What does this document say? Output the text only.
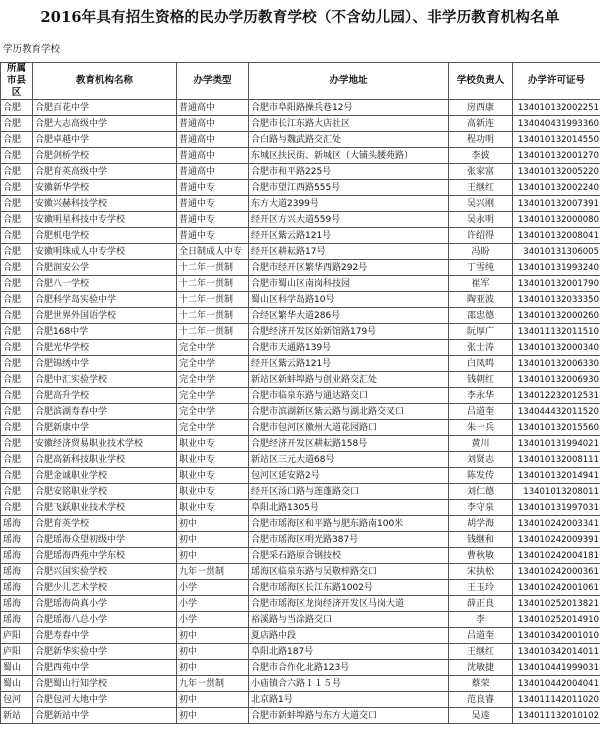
2016年具有招生资格的民办学历教育学校（不含幼儿园）、非学历教育机构名单
学历教育学校
所属市县区	教育机构名称	办学类型	办学地址	学校负责人	办学许可证号
合肥	合肥百花中学	普通高中	合肥市阜阳路操兵巷12号	房西康	134010132002251
合肥	合肥大志高级中学	普通高中	合肥市长江东路大店社区	高新连	134040431993360
合肥	合肥卓越中学	普通高中	合白路与魏武路交汇处	程功明	134010132014550
合肥	合肥剑桥学校	普通高中	东城区扶民街、新城区（大铺头腰苑路）	李彼	134010132001270
合肥	合肥育英高级中学	普通高中	合肥市和平路225号	张家富	134010132005220
合肥	安徽新华学校	普通中专	合肥市望江西路555号	王继红	134010132002240
合肥	安徽兴赫科技学校	普通中专	东方大道2399号	吴兴刚	134010132007391
合肥	安徽明星科技中专学校	普通中专	经开区方兴大道559号	吴永明	134010132000080
合肥	合肥机电学校	普通中专	经开区紫云路121号	许绍得	134010132008041
合肥	安徽明珠成人中专学校	全日制成人中专	经开区耕耘路17号	冯盼	34010131306005
合肥	合肥润安公学	十二年一贯制	合肥市经开区繁华西路292号	丁雪纯	134010131993240
合肥	合肥八一学校	十二年一贯制	合肥市蜀山区南岗科技园	崔军	134010132001790
合肥	合肥科学岛实验中学	十二年一贯制	蜀山区科学岛路10号	陶亚波	134010132033350
合肥	合肥世界外国语学校	十二年一贯制	合经区繁华大道286号	邵忠德	134010132000260
合肥	合肥168中学	十二年一贯制	合肥经济开发区始新馆路179号	阮厚广	134011132011510
合肥	合肥光华学校	完全中学	合肥市天通路139号	张士涛	134010132000340
合肥	合肥锦绣中学	完全中学	经开区紫云路121号	白凤鸣	134010132006330
合肥	合肥中汇实验学校	完全中学	新站区新蚌埠路与创业路交汇处	钱朝红	134010132006930
合肥	合肥高升学校	完全中学	合肥市临泉东路与通达路交口	李永华	134012232012531
合肥	合肥滨湖寿春中学	完全中学	合肥市滨湖新区紫云路与湖北路交叉口	吕道奎	134044432011520
合肥	合肥新康中学	完全中学	合肥市包河区徽州大道花园路口	朱一兵	134010132015560
合肥	安徽经济贸易职业技术学校	职业中专	合肥经济开发区耕耘路158号	黄川	134010131994021
合肥	合肥高新科技职业学校	职业中专	新站区三元大道68号	刘贤志	134010132008111
合肥	合肥金诚职业学校	职业中专	包河区延安路2号	陈发传	134010132014941
合肥	合肥安铭职业学校	职业中专	经开区汤口路与莲蓬路交口	刘仁德	13401013208011
合肥	合肥飞跃职业技术学校	职业中专	阜阳北路1305号	李守泉	134010131997031
瑶海	合肥育英学校	初中	合肥市瑶海区和平路与肥东路南100米	胡学海	134010242003341
瑶海	合肥瑶海众望初级中学	初中	合肥市瑶海区明光路387号	钱继和	134010242009391
瑶海	合肥瑶海西苑中学东校	初中	合肥采石路原合钢技校	曹秋敏	134010242004181
瑶海	合肥兴国实验学校	九年一贯制	瑶海区临泉东路与吴敬梓路交口	宋执松	134010242000361
瑶海	合肥少儿艺术学校	小学	合肥市瑶海区长江东路1002号	王玉玲	134010242001061
瑶海	合肥瑶海尚真小学	小学	合肥市瑶海区龙岗经济开发区马岗大道	薛正良	134010252013821
瑶海	合肥瑶海八总小学	小学	裕溪路与当涂路交口	李	134010252014910
庐阳	合肥寿春中学	初中	夏店路中段	吕道奎	134010342001010
庐阳	合肥新华实验中学	初中	阜阳北路187号	王继红	134010342014011
蜀山	合肥西苑中学	初中	合肥市合作化北路123号	沈敏捷	134010441999031
蜀山	合肥蜀山行知学校	九年一贯制	小庙镇合六路１１５号	蔡荣	134010442004041
包河	合肥包河大地中学	初中	北京路1号	范良睿	134011142011020
新站	合肥新站中学	初中	合肥市新蚌埠路与东方大道交口	吴逵	134011132010102
